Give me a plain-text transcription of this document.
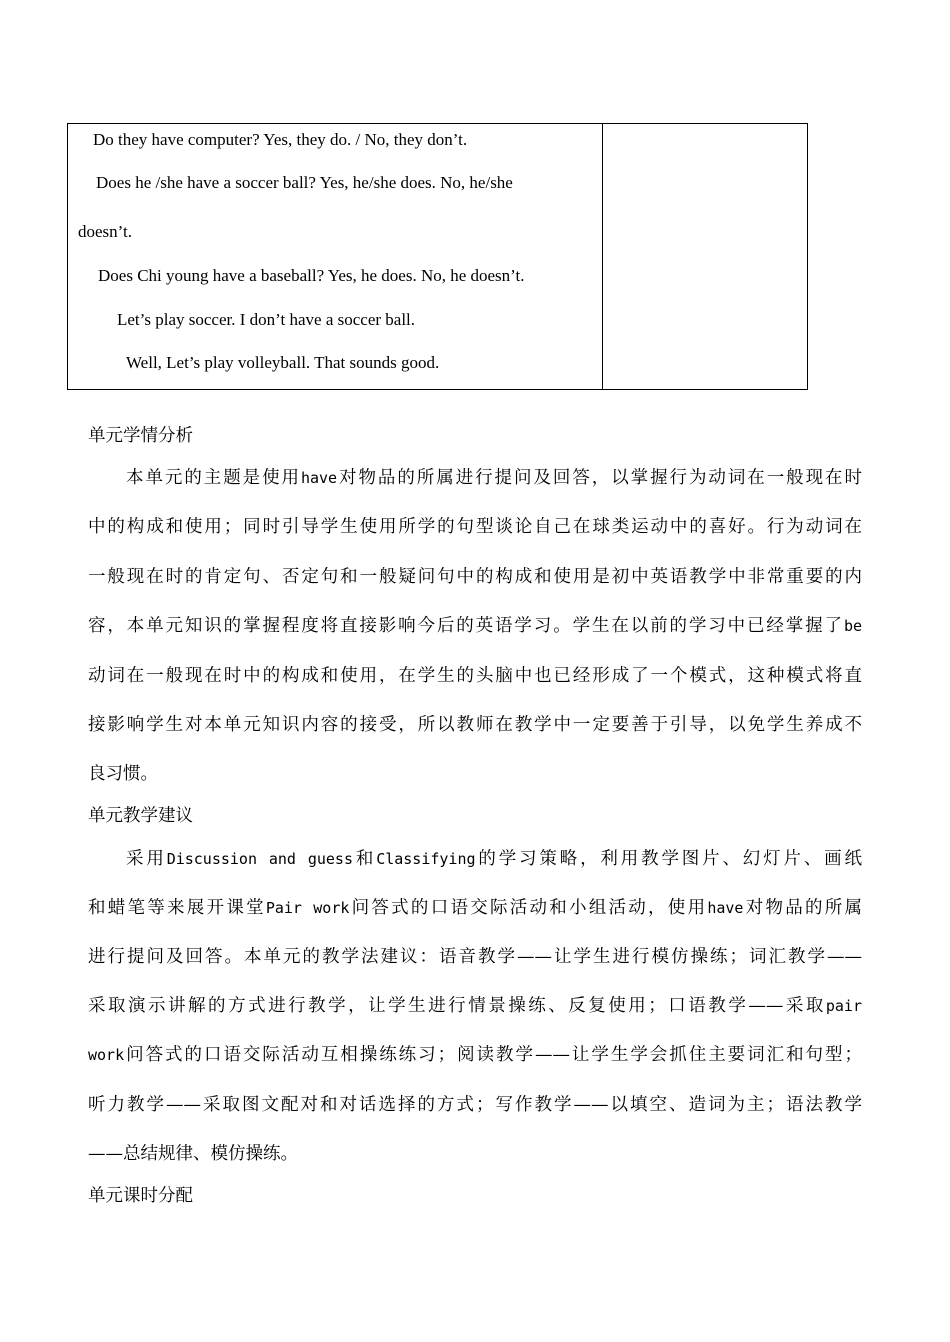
Do they have computer? Yes, they do. / No, they don’t.
Does he /she have a soccer ball? Yes, he/she does. No, he/she
doesn’t.
Does Chi young have a baseball? Yes, he does. No, he doesn’t.
Let’s play soccer. I don’t have a soccer ball.
Well, Let’s play volleyball. That sounds good.
单元学情分析
本单元的主题是使用have对物品的所属进行提问及回答，以掌握行为动词在一般现在时
中的构成和使用；同时引导学生使用所学的句型谈论自己在球类运动中的喜好。行为动词在
一般现在时的肯定句、否定句和一般疑问句中的构成和使用是初中英语教学中非常重要的内
容，本单元知识的掌握程度将直接影响今后的英语学习。学生在以前的学习中已经掌握了be
动词在一般现在时中的构成和使用，在学生的头脑中也已经形成了一个模式，这种模式将直
接影响学生对本单元知识内容的接受，所以教师在教学中一定要善于引导，以免学生养成不
良习惯。
单元教学建议
采用Discussion and guess和Classifying的学习策略，利用教学图片、幻灯片、画纸
和蜡笔等来展开课堂Pair work问答式的口语交际活动和小组活动，使用have对物品的所属
进行提问及回答。本单元的教学法建议：语音教学——让学生进行模仿操练；词汇教学——
采取演示讲解的方式进行教学，让学生进行情景操练、反复使用；口语教学——采取pair
work问答式的口语交际活动互相操练练习；阅读教学——让学生学会抓住主要词汇和句型；
听力教学——采取图文配对和对话选择的方式；写作教学——以填空、造词为主；语法教学
——总结规律、模仿操练。
单元课时分配
